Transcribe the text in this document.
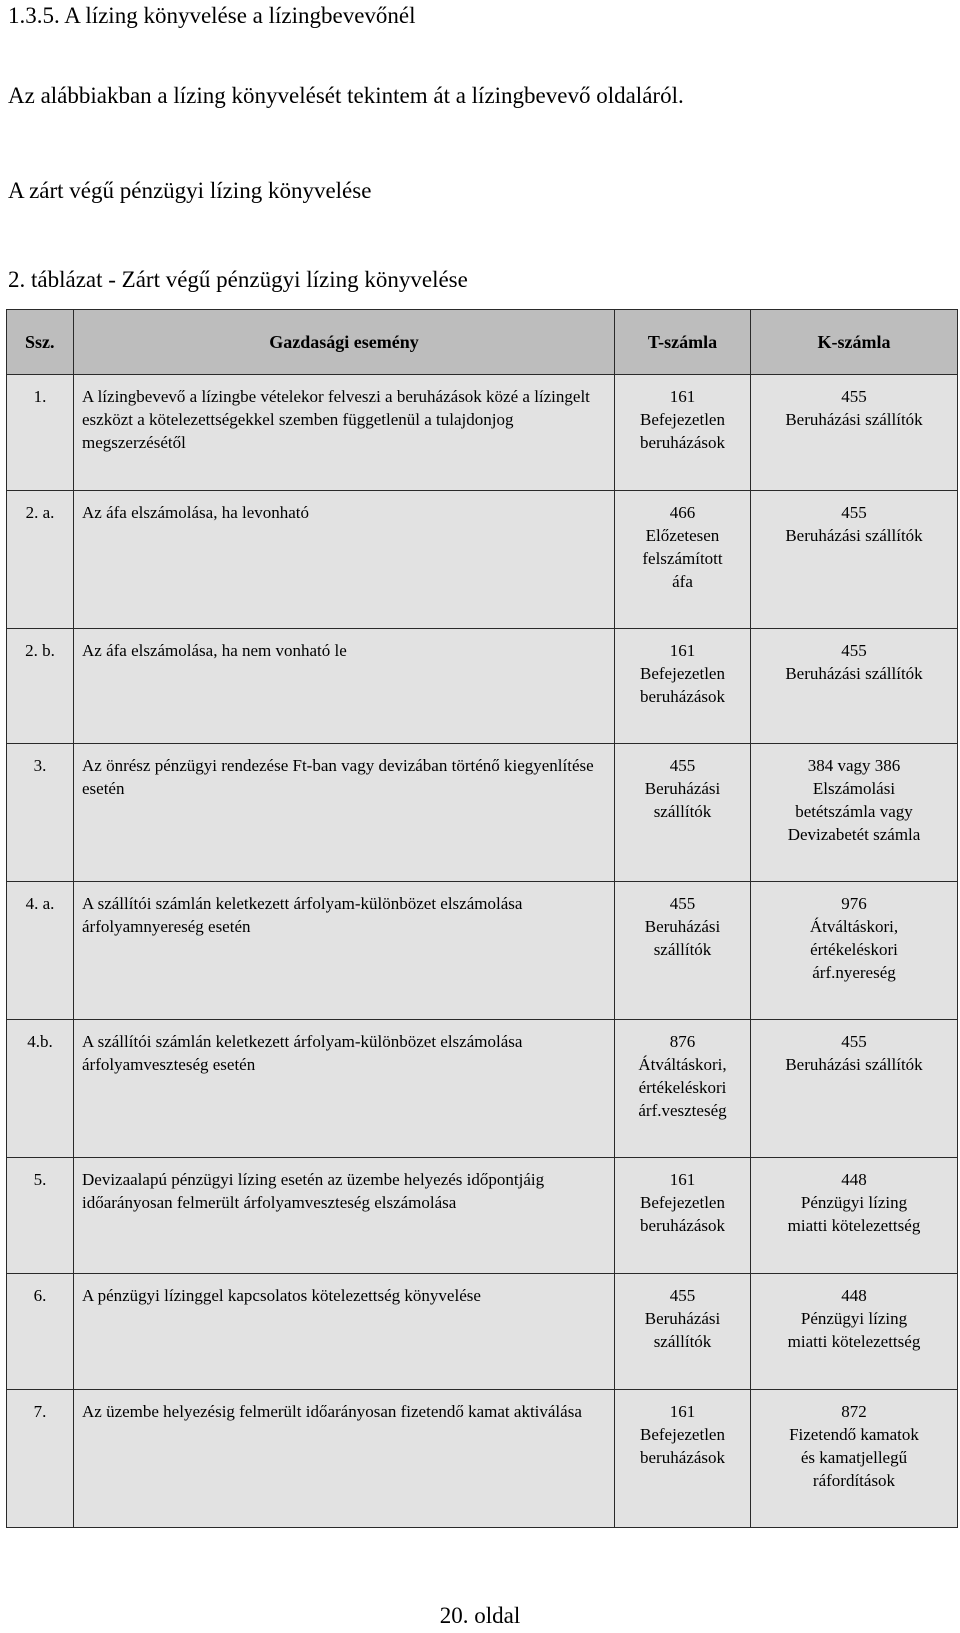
1.3.5. A lízing könyvelése a lízingbevevőnél
Az alábbiakban a lízing könyvelését tekintem át a lízingbevevő oldaláról.
A zárt végű pénzügyi lízing könyvelése
2. táblázat - Zárt végű pénzügyi lízing könyvelése
Ssz.	Gazdasági esemény	T-számla	K-számla
1.	A lízingbevevő a lízingbe vételekor felveszi a beruházások közé a lízingelt eszközt a kötelezettségekkel szemben függetlenül a tulajdonjog megszerzésétől	161
Befejezetlen
beruházások	455
Beruházási szállítók

2. a.	Az áfa elszámolása, ha levonható	466
Előzetesen
felszámított
áfa	455
Beruházási szállítók

2. b.	Az áfa elszámolása, ha nem vonható le	161
Befejezetlen
beruházások	455
Beruházási szállítók

3.	Az önrész pénzügyi rendezése Ft-ban vagy devizában történő kiegyenlítése esetén	455
Beruházási
szállítók	384 vagy 386
Elszámolási
betétszámla vagy
Devizabetét számla

4. a.	A szállítói számlán keletkezett árfolyam-különbözet elszámolása árfolyamnyereség esetén	455
Beruházási
szállítók	976
Átváltáskori,
értékeléskori
árf.nyereség

4.b.	A szállítói számlán keletkezett árfolyam-különbözet elszámolása árfolyamveszteség esetén	876
Átváltáskori,
értékeléskori
árf.veszteség	455
Beruházási szállítók

5.	Devizaalapú pénzügyi lízing esetén az üzembe helyezés időpontjáig időarányosan felmerült árfolyamveszteség elszámolása	161
Befejezetlen
beruházások	448
Pénzügyi lízing
miatti kötelezettség

6.	A pénzügyi lízinggel kapcsolatos kötelezettség könyvelése	455
Beruházási
szállítók	448
Pénzügyi lízing
miatti kötelezettség

7.	Az üzembe helyezésig felmerült időarányosan fizetendő kamat aktiválása	161
Befejezetlen
beruházások	872
Fizetendő kamatok
és kamatjellegű
ráfordítások
20. oldal
